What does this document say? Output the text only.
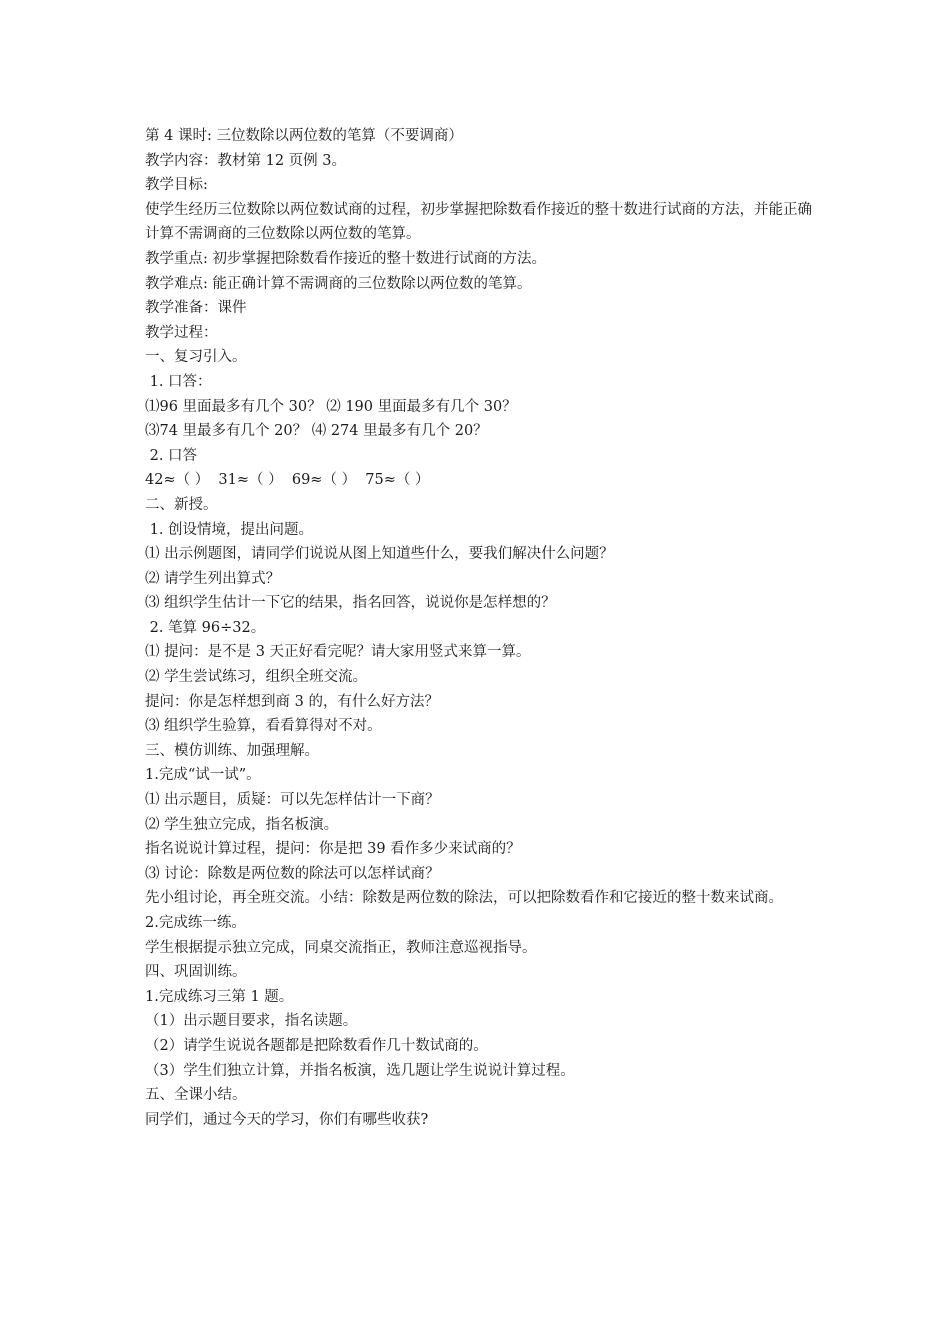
第 4 课时: 三位数除以两位数的笔算（不要调商）
教学内容：教材第 12 页例 3。
教学目标:
使学生经历三位数除以两位数试商的过程，初步掌握把除数看作接近的整十数进行试商的方法，并能正确计算不需调商的三位数除以两位数的笔算。
教学重点: 初步掌握把除数看作接近的整十数进行试商的方法。
教学难点: 能正确计算不需调商的三位数除以两位数的笔算。
教学准备：课件
教学过程：
一、复习引入。
1. 口答：
⑴96 里面最多有几个 30？ ⑵ 190 里面最多有几个 30？
⑶74 里最多有几个 20？ ⑷ 274 里最多有几个 20？
2. 口答
42≈（ ）  31≈（ ）  69≈（ ）  75≈（ ）
二、新授。
1. 创设情境，提出问题。
⑴ 出示例题图，请同学们说说从图上知道些什么，要我们解决什么问题？
⑵ 请学生列出算式？
⑶ 组织学生估计一下它的结果，指名回答，说说你是怎样想的？
2. 笔算 96÷32。
⑴ 提问：是不是 3 天正好看完呢？请大家用竖式来算一算。
⑵ 学生尝试练习，组织全班交流。
提问：你是怎样想到商 3 的，有什么好方法？
⑶ 组织学生验算，看看算得对不对。
三、模仿训练、加强理解。
1.完成“试一试”。
⑴ 出示题目，质疑：可以先怎样估计一下商？
⑵ 学生独立完成，指名板演。
指名说说计算过程，提问：你是把 39 看作多少来试商的？
⑶ 讨论：除数是两位数的除法可以怎样试商？
先小组讨论，再全班交流。小结：除数是两位数的除法，可以把除数看作和它接近的整十数来试商。
2.完成练一练。
学生根据提示独立完成，同桌交流指正，教师注意巡视指导。
四、巩固训练。
1.完成练习三第 1 题。
（1）出示题目要求，指名读题。
（2）请学生说说各题都是把除数看作几十数试商的。
（3）学生们独立计算，并指名板演，选几题让学生说说计算过程。
五、全课小结。
同学们，通过今天的学习，你们有哪些收获?
